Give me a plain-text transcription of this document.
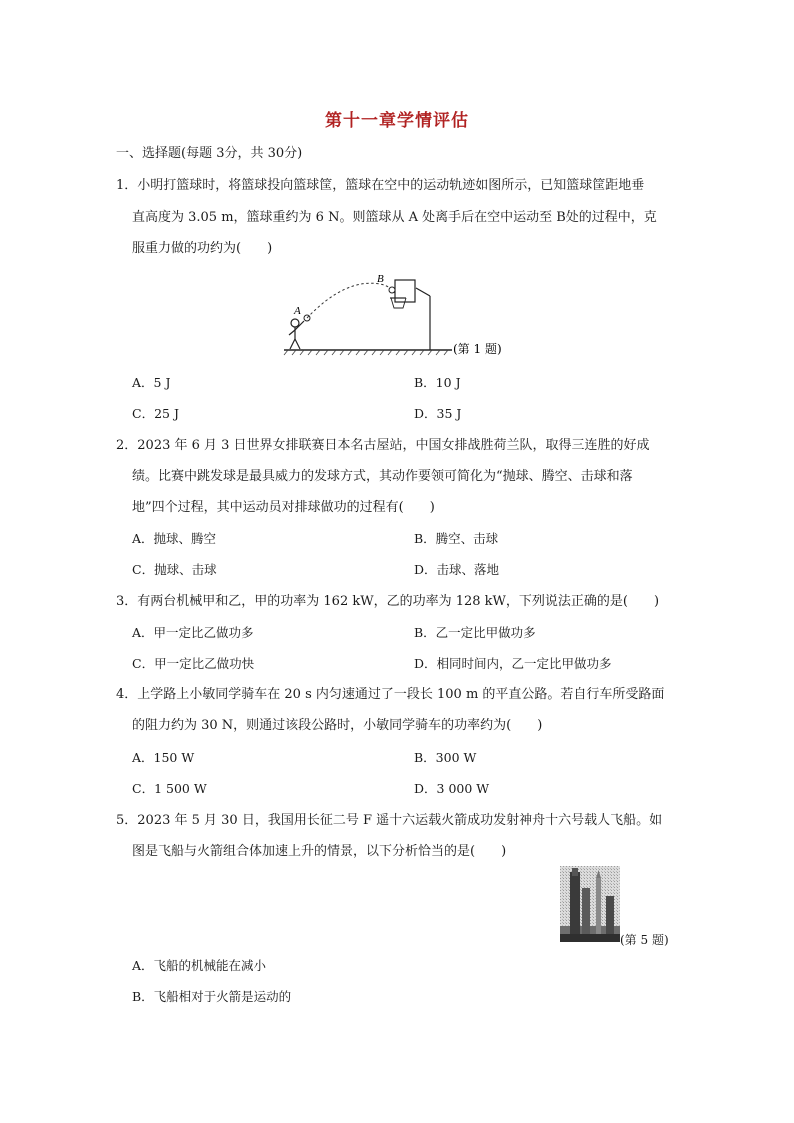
第十一章学情评估
一、选择题(每题 3分，共 30分)
1．小明打篮球时，将篮球投向篮球筐，篮球在空中的运动轨迹如图所示，已知篮球筐距地垂
直高度为 3.05 m，篮球重约为 6 N。则篮球从 A 处离手后在空中运动至 B处的过程中，克
服重力做的功约为(　　)
A
B
(第 1 题)
A．5 J	B．10 J
C．25 J	D．35 J
2．2023 年 6 月 3 日世界女排联赛日本名古屋站，中国女排战胜荷兰队，取得三连胜的好成
绩。比赛中跳发球是最具威力的发球方式，其动作要领可简化为“抛球、腾空、击球和落
地”四个过程，其中运动员对排球做功的过程有(　　)
A．抛球、腾空	B．腾空、击球
C．抛球、击球	D．击球、落地
3．有两台机械甲和乙，甲的功率为 162 kW，乙的功率为 128 kW，下列说法正确的是(　　)
A．甲一定比乙做功多	B．乙一定比甲做功多
C．甲一定比乙做功快	D．相同时间内，乙一定比甲做功多
4．上学路上小敏同学骑车在 20 s 内匀速通过了一段长 100 m 的平直公路。若自行车所受路面
的阻力约为 30 N，则通过该段公路时，小敏同学骑车的功率约为(　　)
A．150 W	B．300 W
C．1 500 W	D．3 000 W
5．2023 年 5 月 30 日，我国用长征二号 F 遥十六运载火箭成功发射神舟十六号载人飞船。如
图是飞船与火箭组合体加速上升的情景，以下分析恰当的是(　　)
(第 5 题)
A．飞船的机械能在减小
B．飞船相对于火箭是运动的
